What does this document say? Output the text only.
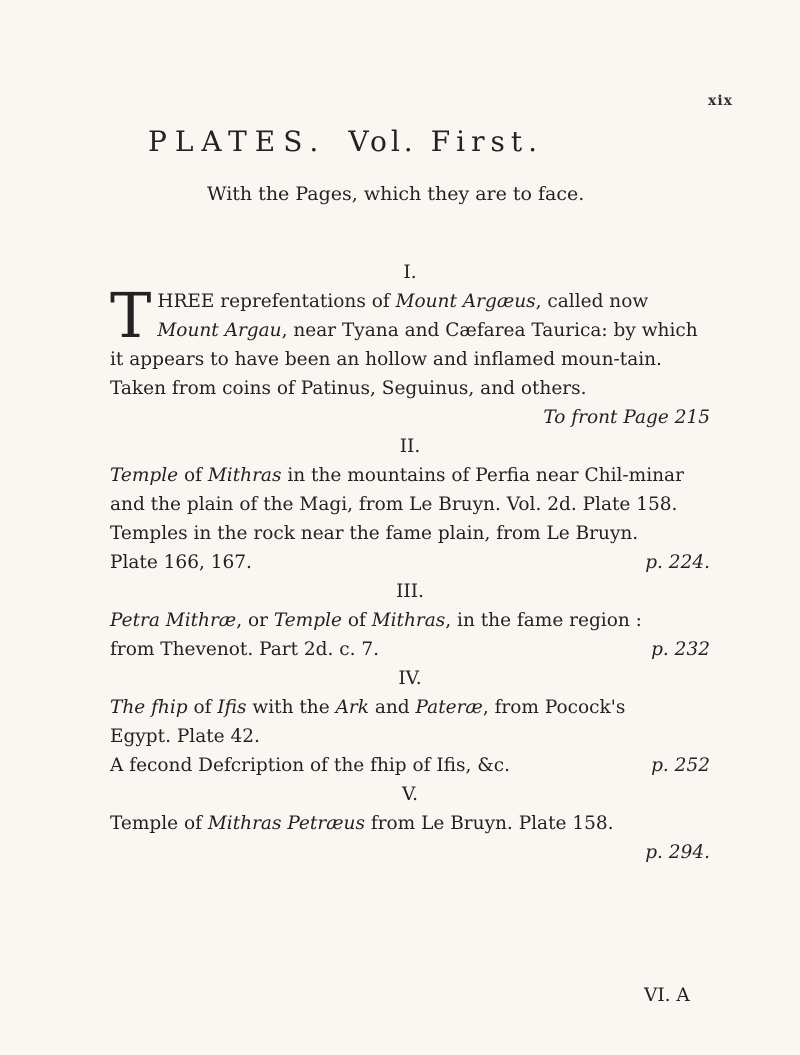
xix
PLATES. Vol. First.
With the Pages, which they are to face.
I.

THREE reprefentations of Mount Argæus, called now
Mount Argau, near Tyana and Cæfarea Taurica: by which it appears to have been an hollow and inflamed moun-tain. Taken from coins of Patinus, Seguinus, and others.

To front Page 215
II.

Temple of Mithras in the mountains of Perfia near Chil-minar and the plain of the Magi, from Le Bruyn. Vol. 2d. Plate 158.
Temples in the rock near the fame plain, from Le Bruyn.

Plate 166, 167.	p. 224.
III.

Petra Mithræ, or Temple of Mithras, in the fame region :

from Thevenot. Part 2d. c. 7.	p. 232
IV.

The fhip of Ifis with the Ark and Pateræ, from Pocock's
Egypt. Plate 42.

A fecond Defcription of the fhip of Ifis, &c.	p. 252
V.

Temple of Mithras Petræus from Le Bruyn. Plate 158.

p. 294.
VI. A
